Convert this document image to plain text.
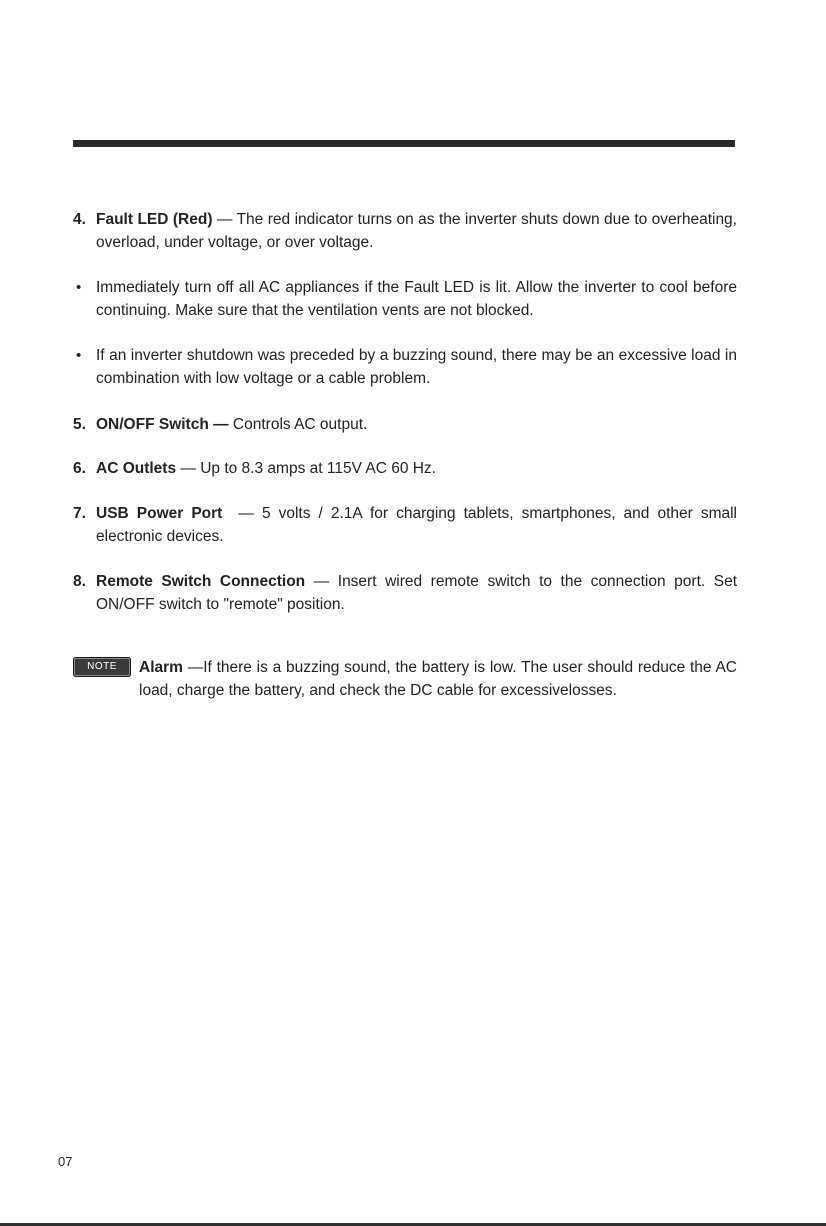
4. Fault LED (Red) — The red indicator turns on as the inverter shuts down due to overheating, overload, under voltage, or over voltage.
• Immediately turn off all AC appliances if the Fault LED is lit. Allow the inverter to cool before continuing. Make sure that the ventilation vents are not blocked.
• If an inverter shutdown was preceded by a buzzing sound, there may be an excessive load in combination with low voltage or a cable problem.
5. ON/OFF Switch — Controls AC output.
6. AC Outlets — Up to 8.3 amps at 115V AC 60 Hz.
7. USB Power Port  — 5 volts / 2.1A for charging tablets, smartphones, and other small electronic devices.
8. Remote Switch Connection — Insert wired remote switch to the connection port. Set ON/OFF switch to "remote" position.
NOTE	Alarm —If there is a buzzing sound, the battery is low. The user should reduce the AC load, charge the battery, and check the DC cable for excessivelosses.
07
